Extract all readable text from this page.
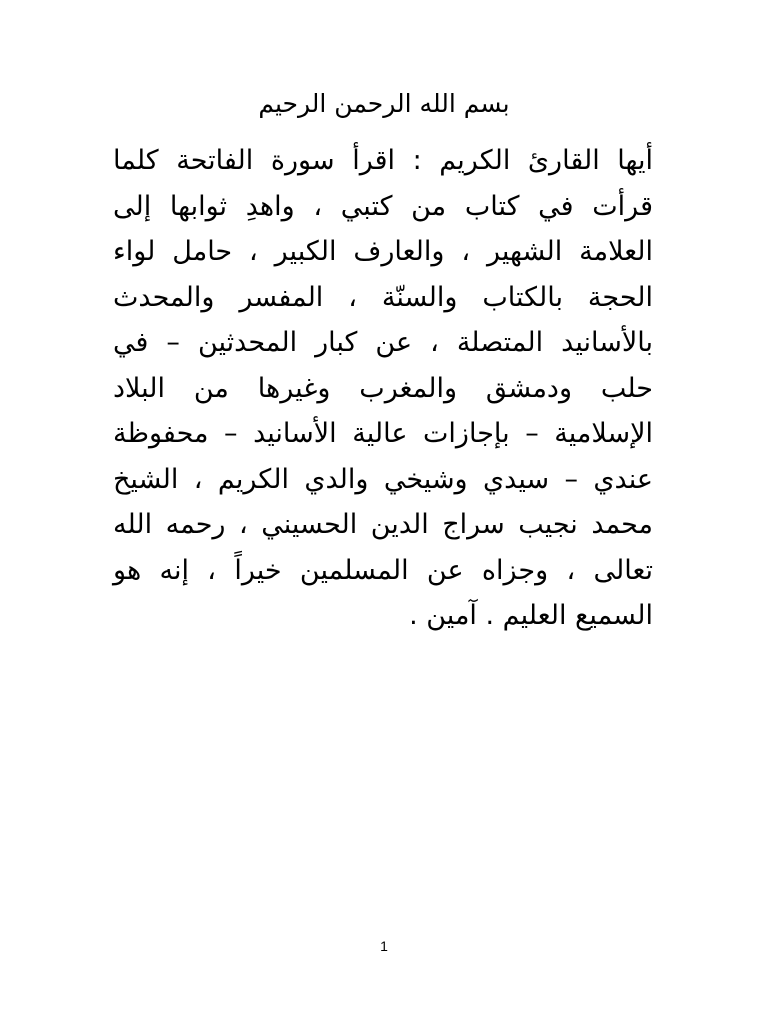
بسم الله الرحمن الرحيم
أيها القارئ الكريم : اقرأ سورة الفاتحة كلما
قرأت في كتاب من كتبي ، واهدِ ثوابها إلى
العلامة الشهير ، والعارف الكبير ، حامل لواء
الحجة بالكتاب والسنّة ، المفسر والمحدث
بالأسانيد المتصلة ، عن كبار المحدثين – في
حلب ودمشق والمغرب وغيرها من البلاد
الإسلامية – بإجازات عالية الأسانيد – محفوظة
عندي – سيدي وشيخي والدي الكريم ، الشيخ
محمد نجيب سراج الدين الحسيني ، رحمه الله
تعالى ، وجزاه عن المسلمين خيراً ، إنه هو
السميع العليم . آمين .
1
